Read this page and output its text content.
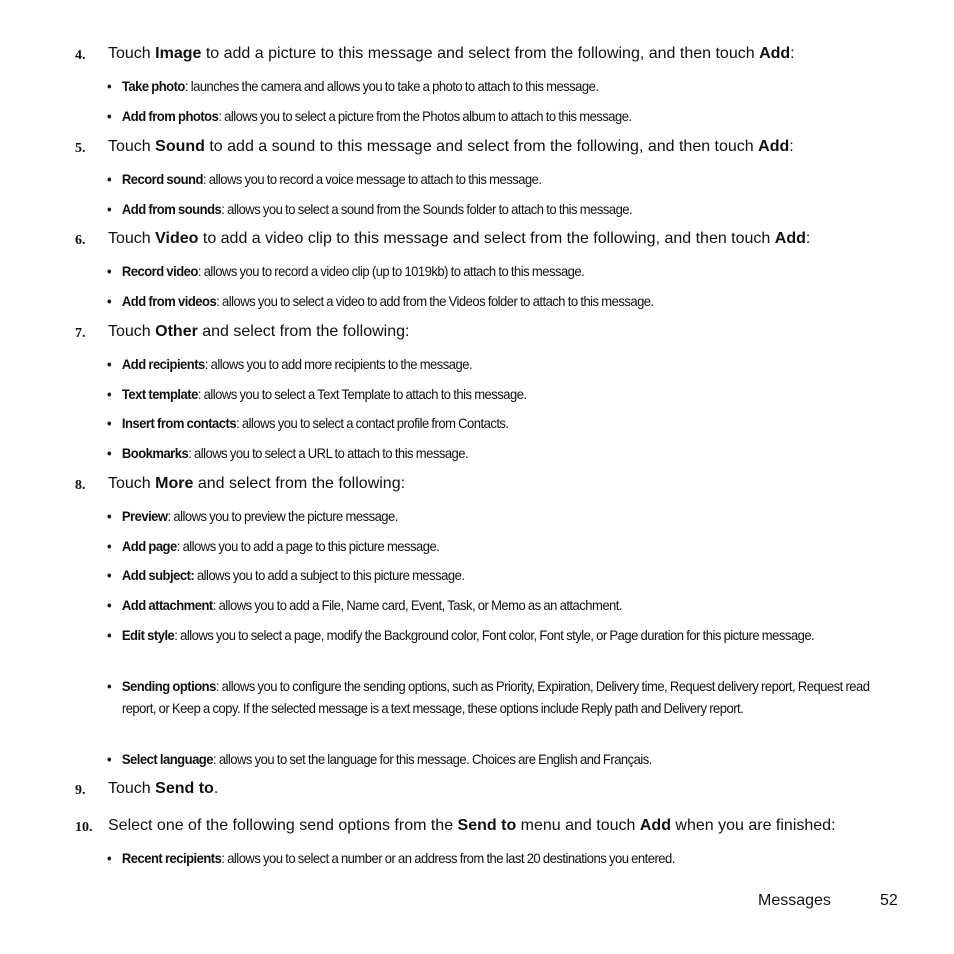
4. Touch Image to add a picture to this message and select from the following, and then touch Add:
• Take photo: launches the camera and allows you to take a photo to attach to this message.
• Add from photos: allows you to select a picture from the Photos album to attach to this message.
5. Touch Sound to add a sound to this message and select from the following, and then touch Add:
• Record sound: allows you to record a voice message to attach to this message.
• Add from sounds: allows you to select a sound from the Sounds folder to attach to this message.
6. Touch Video to add a video clip to this message and select from the following, and then touch Add:
• Record video: allows you to record a video clip (up to 1019kb) to attach to this message.
• Add from videos: allows you to select a video to add from the Videos folder to attach to this message.
7. Touch Other and select from the following:
• Add recipients: allows you to add more recipients to the message.
• Text template: allows you to select a Text Template to attach to this message.
• Insert from contacts: allows you to select a contact profile from Contacts.
• Bookmarks: allows you to select a URL to attach to this message.
8. Touch More and select from the following:
• Preview: allows you to preview the picture message.
• Add page: allows you to add a page to this picture message.
• Add subject: allows you to add a subject to this picture message.
• Add attachment: allows you to add a File, Name card, Event, Task, or Memo as an attachment.
• Edit style: allows you to select a page, modify the Background color, Font color, Font style, or Page duration for this picture message.
• Sending options: allows you to configure the sending options, such as Priority, Expiration, Delivery time, Request delivery report, Request read report, or Keep a copy. If the selected message is a text message, these options include Reply path and Delivery report.
• Select language: allows you to set the language for this message. Choices are English and Français.
9. Touch Send to.
10. Select one of the following send options from the Send to menu and touch Add when you are finished:
• Recent recipients: allows you to select a number or an address from the last 20 destinations you entered.
Messages	52
